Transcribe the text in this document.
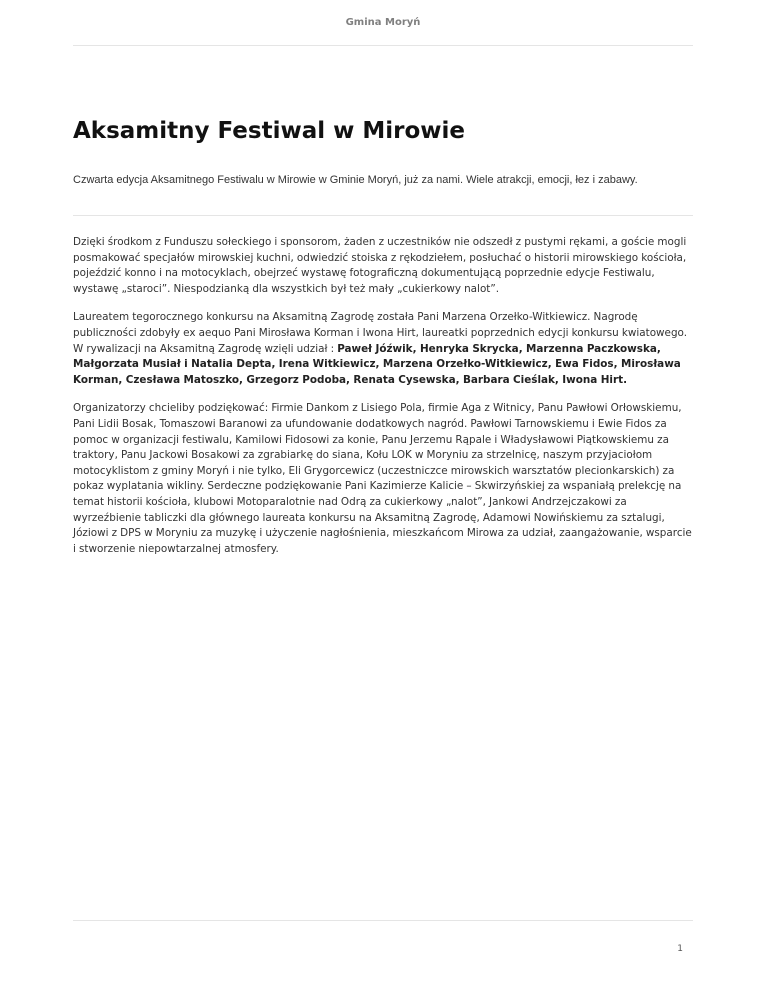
Gmina Moryń
Aksamitny Festiwal w Mirowie

Czwarta edycja Aksamitnego Festiwalu w Mirowie w Gminie Moryń, już za nami. Wiele atrakcji, emocji, łez i zabawy.

Dzięki środkom z Funduszu sołeckiego i sponsorom, żaden z uczestników nie odszedł z pustymi rękami, a goście mogli posmakować specjałów mirowskiej kuchni, odwiedzić stoiska z rękodziełem, posłuchać o historii mirowskiego kościoła, pojeździć konno i na motocyklach, obejrzeć wystawę fotograficzną dokumentującą poprzednie edycje Festiwalu, wystawę „staroci”. Niespodzianką dla wszystkich był też mały „cukierkowy nalot”.

Laureatem tegorocznego konkursu na Aksamitną Zagrodę została Pani Marzena Orzełko-Witkiewicz. Nagrodę publiczności zdobyły ex aequo Pani Mirosława Korman i Iwona Hirt, laureatki poprzednich edycji konkursu kwiatowego. W rywalizacji na Aksamitną Zagrodę wzięli udział : Paweł Jóźwik, Henryka Skrycka, Marzenna Paczkowska, Małgorzata Musiał i Natalia Depta, Irena Witkiewicz, Marzena Orzełko-Witkiewicz, Ewa Fidos, Mirosława Korman, Czesława Matoszko, Grzegorz Podoba, Renata Cysewska, Barbara Cieślak, Iwona Hirt.

Organizatorzy chcieliby podziękować: Firmie Dankom z Lisiego Pola, firmie Aga z Witnicy, Panu Pawłowi Orłowskiemu, Pani Lidii Bosak, Tomaszowi Baranowi za ufundowanie dodatkowych nagród. Pawłowi Tarnowskiemu i Ewie Fidos za pomoc w organizacji festiwalu, Kamilowi Fidosowi za konie, Panu Jerzemu Rąpale i Władysławowi Piątkowskiemu za traktory, Panu Jackowi Bosakowi za zgrabiarkę do siana, Kołu LOK w Moryniu za strzelnicę, naszym przyjaciołom motocyklistom z gminy Moryń i nie tylko, Eli Grygorcewicz (uczestniczce mirowskich warsztatów plecionkarskich) za pokaz wyplatania wikliny. Serdeczne podziękowanie Pani Kazimierze Kalicie – Skwirzyńskiej za wspaniałą prelekcję na temat historii kościoła, klubowi Motoparalotnie nad Odrą za cukierkowy „nalot”, Jankowi Andrzejczakowi za wyrzeźbienie tabliczki dla głównego laureata konkursu na Aksamitną Zagrodę, Adamowi Nowińskiemu za sztalugi, Józiowi z DPS w Moryniu za muzykę i użyczenie nagłośnienia, mieszkańcom Mirowa za udział, zaangażowanie, wsparcie i stworzenie niepowtarzalnej atmosfery.

1
